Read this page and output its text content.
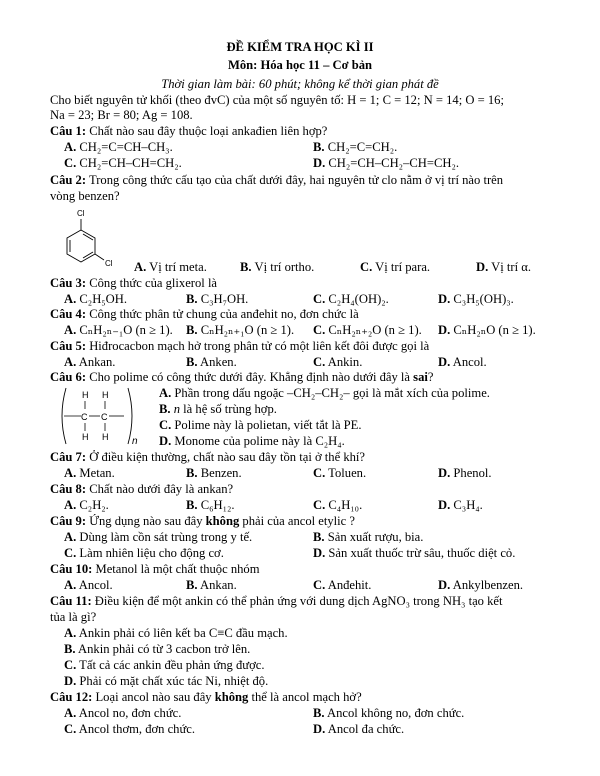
ĐỀ KIỂM TRA HỌC KÌ II
Môn: Hóa học 11 – Cơ bản
Thời gian làm bài: 60 phút; không kể thời gian phát đề
Cho biết nguyên tử khối (theo đvC) của một số nguyên tố: H = 1; C = 12; N = 14; O = 16;
Na = 23; Br = 80; Ag = 108.
Câu 1: Chất nào sau đây thuộc loại ankađien liên hợp?
A. CH₂=C=CH–CH₃.	B. CH₂=C=CH₂.
C. CH₂=CH–CH=CH₂.	D. CH₂=CH–CH₂–CH=CH₂.
Câu 2: Trong công thức cấu tạo của chất dưới đây, hai nguyên tử clo nằm ở vị trí nào trên
vòng benzen?
Cl
Cl A. Vị trí meta.	B. Vị trí ortho.	C. Vị trí para.	D. Vị trí α.
Câu 3: Công thức của glixerol là
A. C₂H₅OH.	B. C₃H₇OH.	C. C₂H₄(OH)₂.	D. C₃H₅(OH)₃.
Câu 4: Công thức phân tử chung của anđehit no, đơn chức là
A. CₙH₂ₙ₋₁O (n ≥ 1). B. CₙH₂ₙ₊₁O (n ≥ 1). C. CₙH₂ₙ₊₂O (n ≥ 1). D. CₙH₂ₙO (n ≥ 1).
Câu 5: Hiđrocacbon mạch hở trong phân tử có một liên kết đôi được gọi là
A. Ankan.	B. Anken.	C. Ankin.	D. Ancol.
Câu 6: Cho polime có công thức dưới đây. Khẳng định nào dưới đây là sai?
H H
C C
H H n
A. Phần trong dấu ngoặc –CH₂–CH₂– gọi là mắt xích của polime.
B. n là hệ số trùng hợp.
C. Polime này là polietan, viết tắt là PE.
D. Monome của polime này là C₂H₄.
Câu 7: Ở điều kiện thường, chất nào sau đây tồn tại ở thể khí?
A. Metan.	B. Benzen.	C. Toluen.	D. Phenol.
Câu 8: Chất nào dưới đây là ankan?
A. C₂H₂.	B. C₆H₁₂.	C. C₄H₁₀.	D. C₃H₄.
Câu 9: Ứng dụng nào sau đây không phải của ancol etylic ?
A. Dùng làm cồn sát trùng trong y tế.	B. Sản xuất rượu, bia.
C. Làm nhiên liệu cho động cơ.	D. Sản xuất thuốc trừ sâu, thuốc diệt cỏ.
Câu 10: Metanol là một chất thuộc nhóm
A. Ancol.	B. Ankan.	C. Anđehit.	D. Ankylbenzen.
Câu 11: Điều kiện để một ankin có thể phản ứng với dung dịch AgNO₃ trong NH₃ tạo kết
tủa là gì?
A. Ankin phải có liên kết ba C≡C đầu mạch.
B. Ankin phải có từ 3 cacbon trở lên.
C. Tất cả các ankin đều phản ứng được.
D. Phải có mặt chất xúc tác Ni, nhiệt độ.
Câu 12: Loại ancol nào sau đây không thể là ancol mạch hở?
A. Ancol no, đơn chức.	B. Ancol không no, đơn chức.
C. Ancol thơm, đơn chức.	D. Ancol đa chức.
